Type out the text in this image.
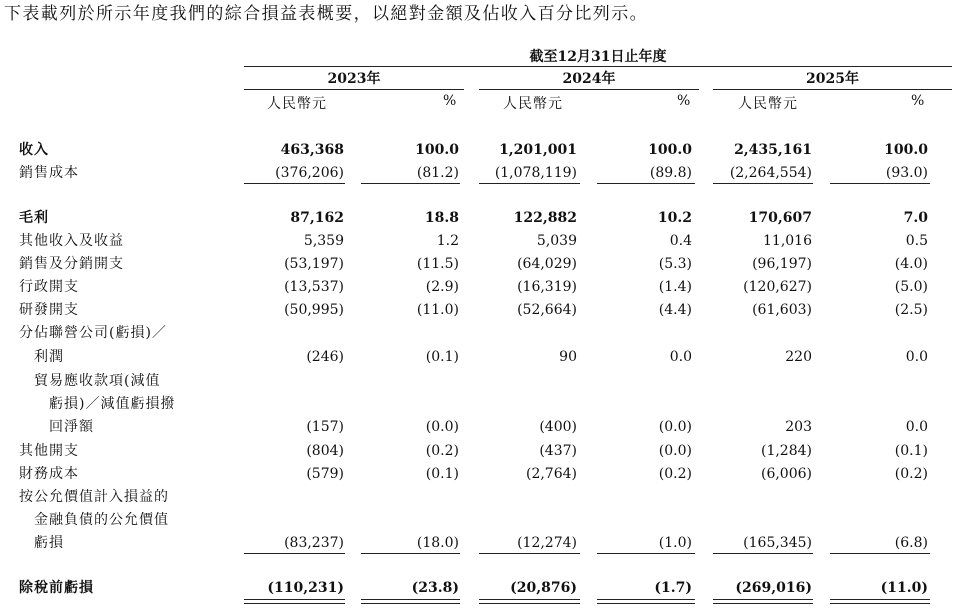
下表載列於所示年度我們的綜合損益表概要，以絕對金額及佔收入百分比列示。
截至12月31日止年度
2023年	2024年	2025年
人民幣元	%	人民幣元	%	人民幣元	%
收入	463,368	100.0	1,201,001	100.0	2,435,161	100.0
銷售成本	(376,206)	(81.2)	(1,078,119)	(89.8)	(2,264,554)	(93.0)
毛利	87,162	18.8	122,882	10.2	170,607	7.0
其他收入及收益	5,359	1.2	5,039	0.4	11,016	0.5
銷售及分銷開支	(53,197)	(11.5)	(64,029)	(5.3)	(96,197)	(4.0)
行政開支	(13,537)	(2.9)	(16,319)	(1.4)	(120,627)	(5.0)
研發開支	(50,995)	(11.0)	(52,664)	(4.4)	(61,603)	(2.5)
分佔聯營公司(虧損)／
　利潤	(246)	(0.1)	90	0.0	220	0.0
　貿易應收款項(減值
　　虧損)／減值虧損撥
　　回淨額	(157)	(0.0)	(400)	(0.0)	203	0.0
其他開支	(804)	(0.2)	(437)	(0.0)	(1,284)	(0.1)
財務成本	(579)	(0.1)	(2,764)	(0.2)	(6,006)	(0.2)
按公允價值計入損益的
　金融負債的公允價值
　虧損	(83,237)	(18.0)	(12,274)	(1.0)	(165,345)	(6.8)
除稅前虧損	(110,231)	(23.8)	(20,876)	(1.7)	(269,016)	(11.0)
